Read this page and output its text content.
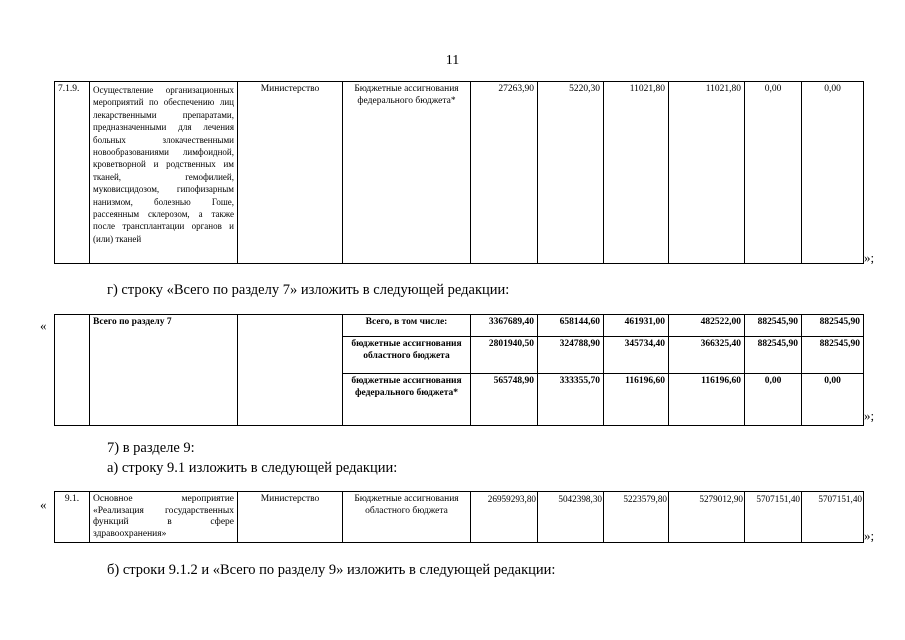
11
7.1.9.	Осуществление организационных мероприятий по обеспечению лиц лекарственными препаратами, предназначенными для лечения больных злокачественными новообразованиями лимфоидной, кроветворной и родственных им тканей, гемофилией, муковисцидозом, гипофизарным нанизмом, болезнью Гоше, рассеянным склерозом, а также после трансплантации органов и (или) тканей	Министерство	Бюджетные ассигнования федерального бюджета*	27263,90	5220,30	11021,80	11021,80	0,00	0,00
»;
г) строку «Всего по разделу 7» изложить в следующей редакции:
«
		Всего по разделу 7		Всего, в том числе:	3367689,40	658144,60	461931,00	482522,00	882545,90	882545,90
			бюджетные ассигнования областного бюджета	2801940,50	324788,90	345734,40	366325,40	882545,90	882545,90
			бюджетные ассигнования федерального бюджета*	565748,90	333355,70	116196,60	116196,60	0,00	0,00
»;
7) в разделе 9:
а) строку 9.1 изложить в следующей редакции:
« 9.1.	Основное мероприятие «Реализация государственных функций в сфере здравоохранения»	Министерство	Бюджетные ассигнования областного бюджета	26959293,80	5042398,30	5223579,80	5279012,90	5707151,40	5707151,40
»;
б) строки 9.1.2 и «Всего по разделу 9» изложить в следующей редакции:
